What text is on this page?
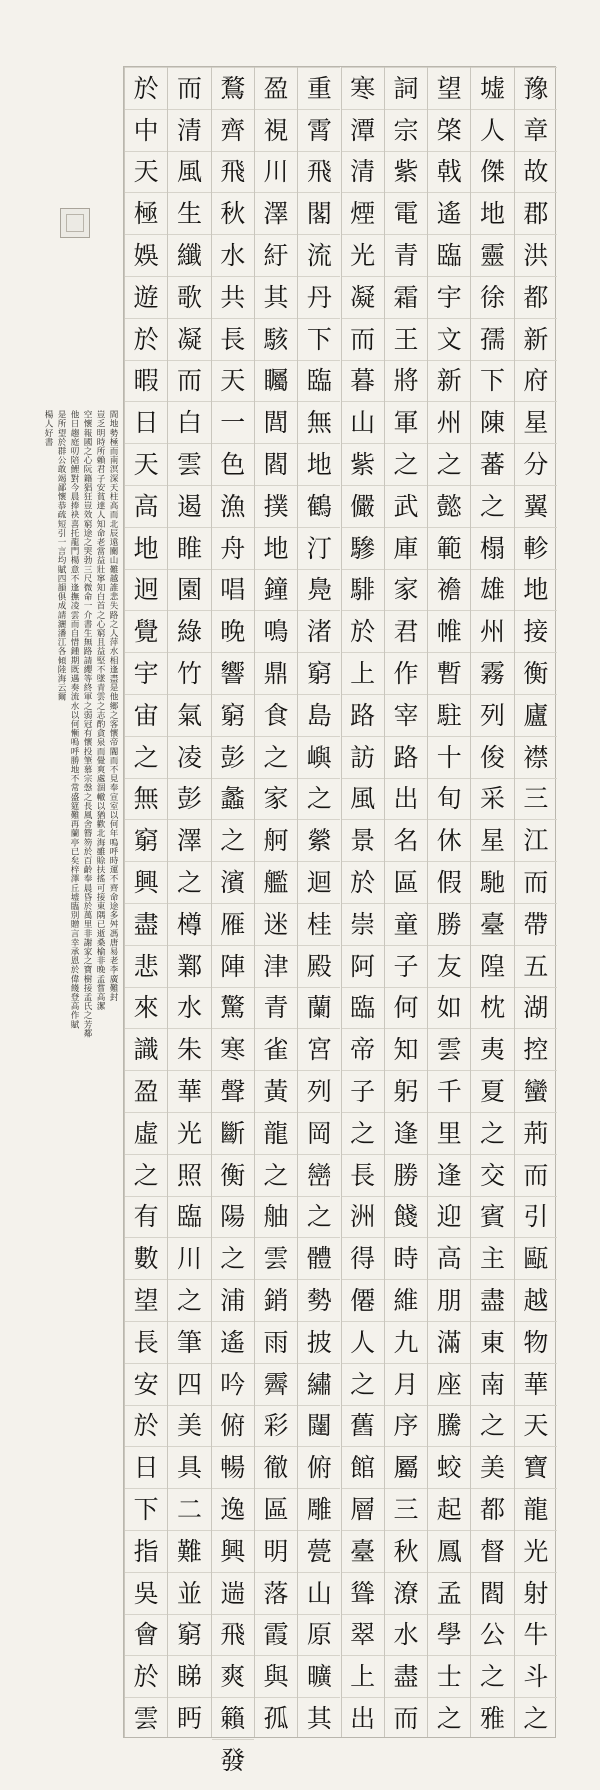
豫
章
故
郡
洪
都
新
府
星
分
翼
軫
地
接
衡
廬
襟
三
江
而
帶
五
湖
控
蠻
荊
而
引
甌
越
物
華
天
寶
龍
光
射
牛
斗
之
墟
人
傑
地
靈
徐
孺
下
陳
蕃
之
榻
雄
州
霧
列
俊
采
星
馳
臺
隍
枕
夷
夏
之
交
賓
主
盡
東
南
之
美
都
督
閻
公
之
雅
望
棨
戟
遙
臨
宇
文
新
州
之
懿
範
襜
帷
暫
駐
十
旬
休
假
勝
友
如
雲
千
里
逢
迎
高
朋
滿
座
騰
蛟
起
鳳
孟
學
士
之
詞
宗
紫
電
青
霜
王
將
軍
之
武
庫
家
君
作
宰
路
出
名
區
童
子
何
知
躬
逢
勝
餞
時
維
九
月
序
屬
三
秋
潦
水
盡
而
寒
潭
清
煙
光
凝
而
暮
山
紫
儼
驂
騑
於
上
路
訪
風
景
於
崇
阿
臨
帝
子
之
長
洲
得
僊
人
之
舊
館
層
臺
聳
翠
上
出
重
霄
飛
閣
流
丹
下
臨
無
地
鶴
汀
鳧
渚
窮
島
嶼
之
縈
迴
桂
殿
蘭
宮
列
岡
巒
之
體
勢
披
繡
闥
俯
雕
甍
山
原
曠
其
盈
視
川
澤
紆
其
駭
矚
閭
閻
撲
地
鐘
鳴
鼎
食
之
家
舸
艦
迷
津
青
雀
黃
龍
之
舳
雲
銷
雨
霽
彩
徹
區
明
落
霞
與
孤
鶩
齊
飛
秋
水
共
長
天
一
色
漁
舟
唱
晚
響
窮
彭
蠡
之
濱
雁
陣
驚
寒
聲
斷
衡
陽
之
浦
遙
吟
俯
暢
逸
興
遄
飛
爽
籟
發
而
清
風
生
纖
歌
凝
而
白
雲
遏
睢
園
綠
竹
氣
凌
彭
澤
之
樽
鄴
水
朱
華
光
照
臨
川
之
筆
四
美
具
二
難
並
窮
睇
眄
於
中
天
極
娛
遊
於
暇
日
天
高
地
迥
覺
宇
宙
之
無
窮
興
盡
悲
來
識
盈
虛
之
有
數
望
長
安
於
日
下
指
吳
會
於
雲
間地勢極而南溟深天柱高而北辰遠關山難越誰悲失路之人萍水相逢盡是他鄉之客懷帝閽而不見奉宣室以何年嗚呼時運不齊命途多舛馮唐易老李廣難封
豈乏明時所賴君子安貧達人知命老當益壯寧知白首之心窮且益堅不墜青雲之志酌貪泉而覺爽處涸轍以猶歡北海雖賒扶搖可接東隅已逝桑榆非晚孟嘗高潔
空懷報國之心阮籍猖狂豈效窮途之哭勃三尺微命一介書生無路請纓等終軍之弱冠有懷投筆慕宗愨之長風舍簪笏於百齡奉晨昏於萬里非謝家之寶樹接孟氏之芳鄰
他日趨庭叨陪鯉對今晨捧袂喜托龍門楊意不逢撫凌雲而自惜鍾期既遇奏流水以何慚嗚呼勝地不常盛筵難再蘭亭已矣梓澤丘墟臨別贈言幸承恩於偉餞登高作賦
是所望於群公敢竭鄙懷恭疏短引一言均賦四韻俱成請灑潘江各傾陸海云爾
楊人好書
